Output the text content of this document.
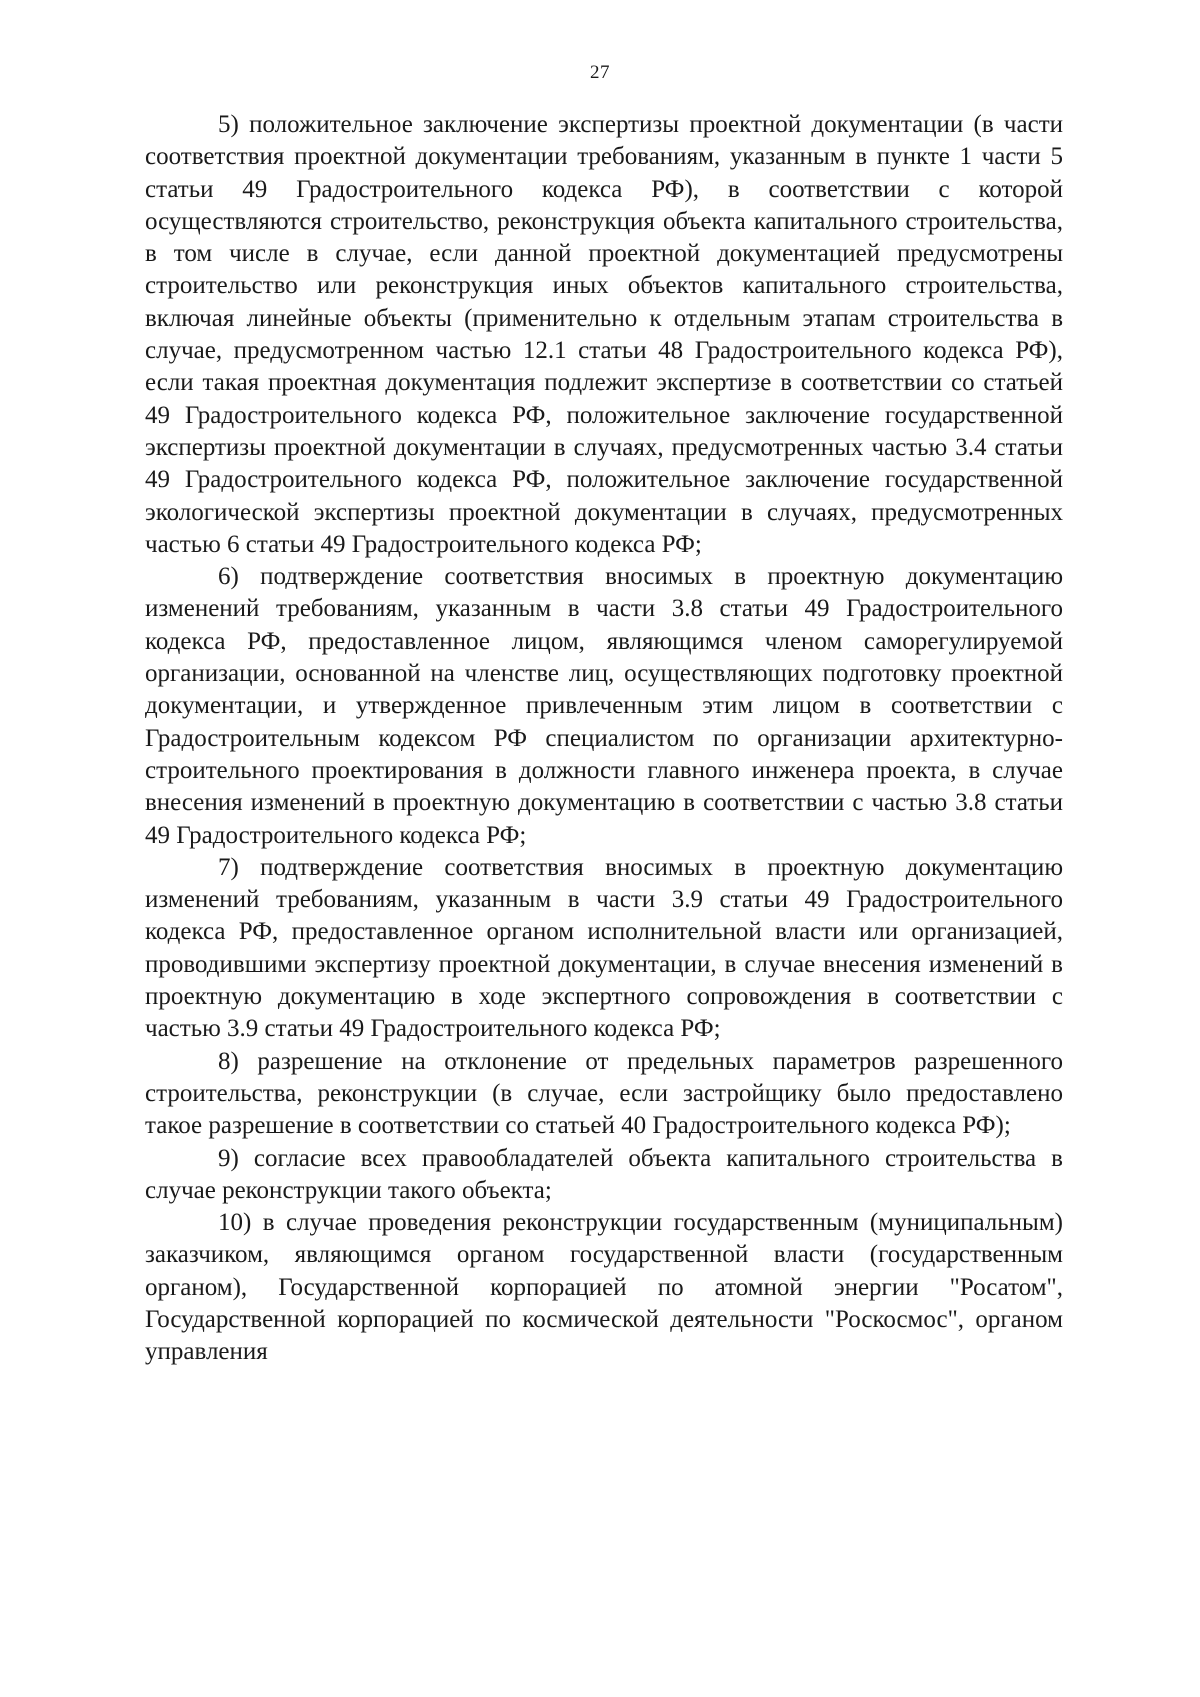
27

5) положительное заключение экспертизы проектной документации (в части соответствия проектной документации требованиям, указанным в пункте 1 части 5 статьи 49 Градостроительного кодекса РФ), в соответствии с которой осуществляются строительство, реконструкция объекта капитального строительства, в том числе в случае, если данной проектной документацией предусмотрены строительство или реконструкция иных объектов капитального строительства, включая линейные объекты (применительно к отдельным этапам строительства в случае, предусмотренном частью 12.1 статьи 48 Градостроительного кодекса РФ), если такая проектная документация подлежит экспертизе в соответствии со статьей 49 Градостроительного кодекса РФ, положительное заключение государственной экспертизы проектной документации в случаях, предусмотренных частью 3.4 статьи 49 Градостроительного кодекса РФ, положительное заключение государственной экологической экспертизы проектной документации в случаях, предусмотренных частью 6 статьи 49 Градостроительного кодекса РФ;

6) подтверждение соответствия вносимых в проектную документацию изменений требованиям, указанным в части 3.8 статьи 49 Градостроительного кодекса РФ, предоставленное лицом, являющимся членом саморегулируемой организации, основанной на членстве лиц, осуществляющих подготовку проектной документации, и утвержденное привлеченным этим лицом в соответствии с Градостроительным кодексом РФ специалистом по организации архитектурно-строительного проектирования в должности главного инженера проекта, в случае внесения изменений в проектную документацию в соответствии с частью 3.8 статьи 49 Градостроительного кодекса РФ;

7) подтверждение соответствия вносимых в проектную документацию изменений требованиям, указанным в части 3.9 статьи 49 Градостроительного кодекса РФ, предоставленное органом исполнительной власти или организацией, проводившими экспертизу проектной документации, в случае внесения изменений в проектную документацию в ходе экспертного сопровождения в соответствии с частью 3.9 статьи 49 Градостроительного кодекса РФ;

8) разрешение на отклонение от предельных параметров разрешенного строительства, реконструкции (в случае, если застройщику было предоставлено такое разрешение в соответствии со статьей 40 Градостроительного кодекса РФ);

9) согласие всех правообладателей объекта капитального строительства в случае реконструкции такого объекта;

10) в случае проведения реконструкции государственным (муниципальным) заказчиком, являющимся органом государственной власти (государственным органом), Государственной корпорацией по атомной энергии "Росатом", Государственной корпорацией по космической деятельности "Роскосмос", органом управления
